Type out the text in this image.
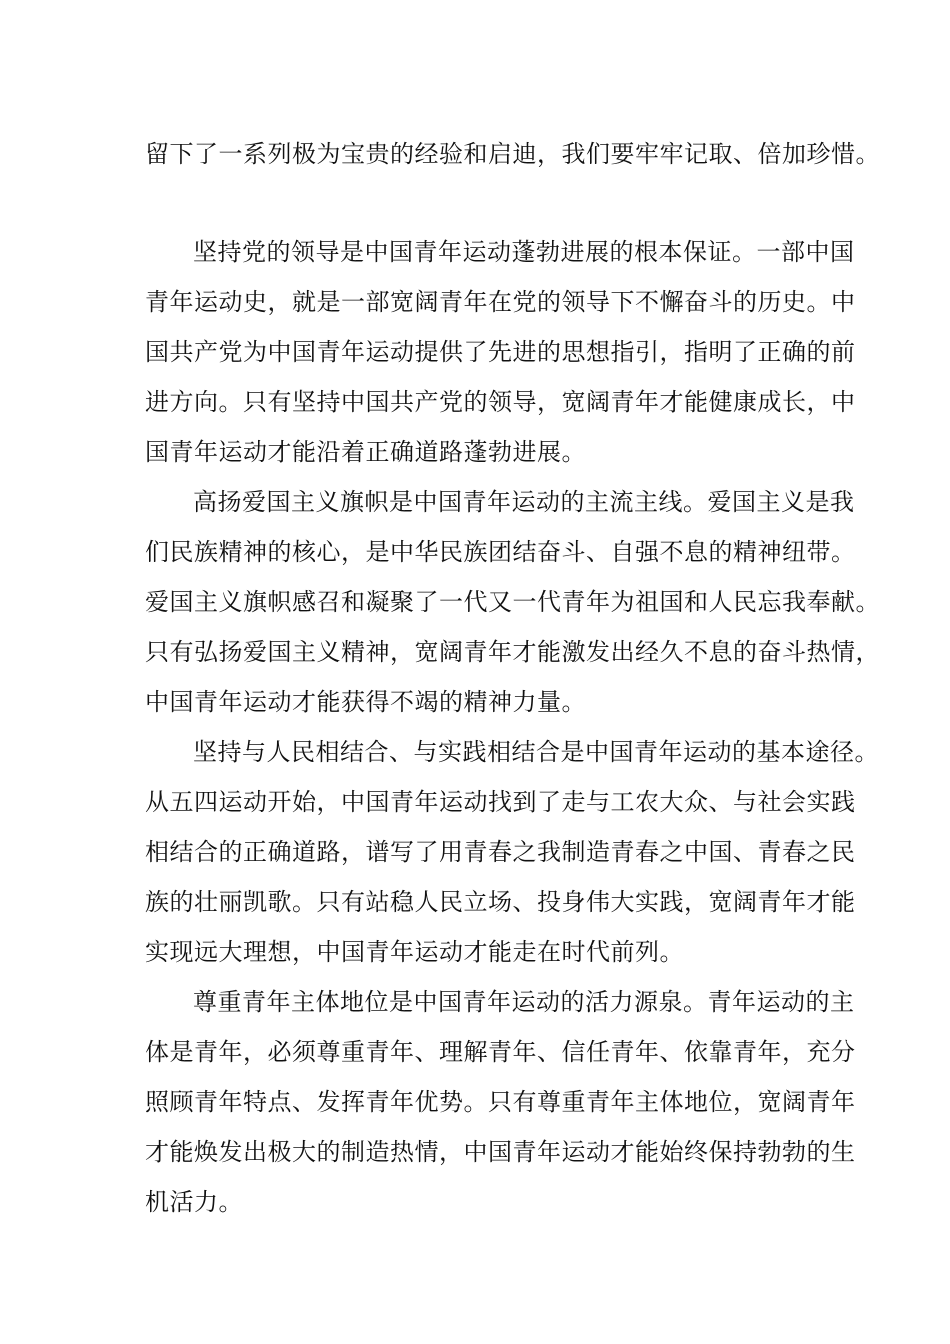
留下了一系列极为宝贵的经验和启迪，我们要牢牢记取、倍加珍惜。
坚持党的领导是中国青年运动蓬勃进展的根本保证。一部中国
青年运动史，就是一部宽阔青年在党的领导下不懈奋斗的历史。中
国共产党为中国青年运动提供了先进的思想指引，指明了正确的前
进方向。只有坚持中国共产党的领导，宽阔青年才能健康成长，中
国青年运动才能沿着正确道路蓬勃进展。
高扬爱国主义旗帜是中国青年运动的主流主线。爱国主义是我
们民族精神的核心，是中华民族团结奋斗、自强不息的精神纽带。
爱国主义旗帜感召和凝聚了一代又一代青年为祖国和人民忘我奉献。
只有弘扬爱国主义精神，宽阔青年才能激发出经久不息的奋斗热情，
中国青年运动才能获得不竭的精神力量。
坚持与人民相结合、与实践相结合是中国青年运动的基本途径。
从五四运动开始，中国青年运动找到了走与工农大众、与社会实践
相结合的正确道路，谱写了用青春之我制造青春之中国、青春之民
族的壮丽凯歌。只有站稳人民立场、投身伟大实践，宽阔青年才能
实现远大理想，中国青年运动才能走在时代前列。
尊重青年主体地位是中国青年运动的活力源泉。青年运动的主
体是青年，必须尊重青年、理解青年、信任青年、依靠青年，充分
照顾青年特点、发挥青年优势。只有尊重青年主体地位，宽阔青年
才能焕发出极大的制造热情，中国青年运动才能始终保持勃勃的生
机活力。
